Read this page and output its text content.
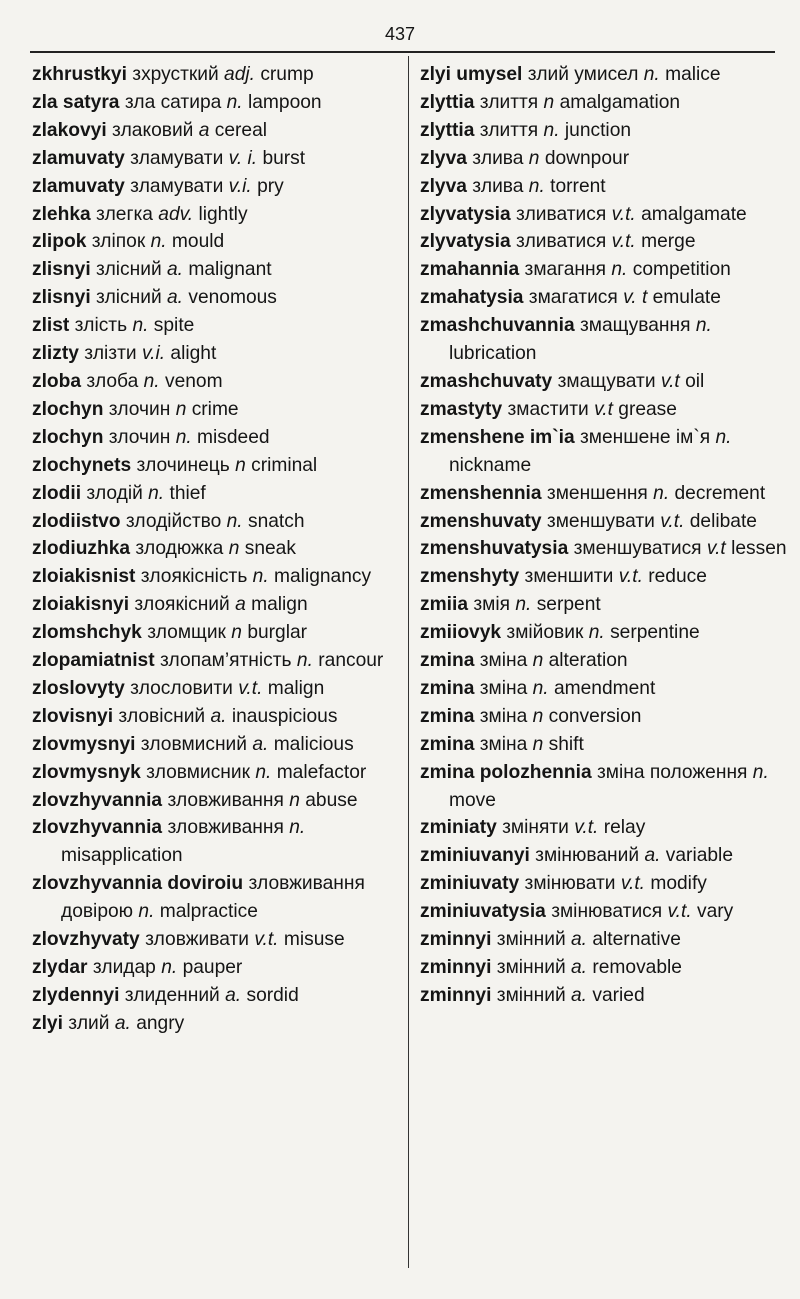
437
zkhrustkyi зхрустки​й adj. crump
zla satyra зла сатира n. lampoon
zlakovyi злаковий a cereal
zlamuvaty зламувати v. i. burst
zlamuvaty зламувати v.i. pry
zlehka злегка adv. lightly
zlipok зліпок n. mould
zlisnyi злісний a. malignant
zlisnyi злісний a. venomous
zlist злість n. spite
zlizty злізти v.i. alight
zloba злоба n. venom
zlochyn злочин n crime
zlochyn злочин n. misdeed
zlochynets злочинець n criminal
zlodii злодій n. thief
zlodiistvo злодійство n. snatch
zlodiuzhka злодюжка n sneak
zloiakisnist злоякісність n. malignancy
zloiakisnyi злоякісний a malign
zlomshchyk зломщик n burglar
zlopamiatnist злопам’ятність n. rancour
zloslovyty злословити v.t. malign
zlovisnyi зловісний a. inauspicious
zlovmysnyi зловмисний a. malicious
zlovmysnyk зловмисник n. malefactor
zlovzhyvannia зловживання n abuse
zlovzhyvannia зловживання n. misapplication
zlovzhyvannia doviroiu зловживання довірою n. malpractice
zlovzhyvaty зловживати v.t. misuse
zlydar злидар n. pauper
zlydennyi злиденний a. sordid
zlyi злий a. angry
zlyi umysel злий умисел n. malice
zlyttia злиття n amalgamation
zlyttia злиття n. junction
zlyva злива n downpour
zlyva злива n. torrent
zlyvatysia зливатися v.t. amalgamate
zlyvatysia зливатися v.t. merge
zmahannia змагання n. competition
zmahatysia змагатися v. t emulate
zmashchuvannia змащування n. lubrication
zmashchuvaty змащувати v.t oil
zmastyty змастити v.t grease
zmenshene im`ia зменшене ім`я n. nickname
zmenshennia зменшення n. decrement
zmenshuvaty зменшувати v.t. delibate
zmenshuvatysia зменшуватися v.t lessen
zmenshyty зменшити v.t. reduce
zmiia змія n. serpent
zmiiovyk змійовик n. serpentine
zmina зміна n alteration
zmina зміна n. amendment
zmina зміна n conversion
zmina зміна n shift
zmina polozhennia зміна положення n. move
zminiaty змінят​и v.t. relay
zminiuvanyi змінюваний a. variable
zminiuvaty змінювати v.t. modify
zminiuvatysia змінюватися v.t. vary
zminnyi змінний a. alternative
zminnyi змінний a. removable
zminnyi змінний a. varied
